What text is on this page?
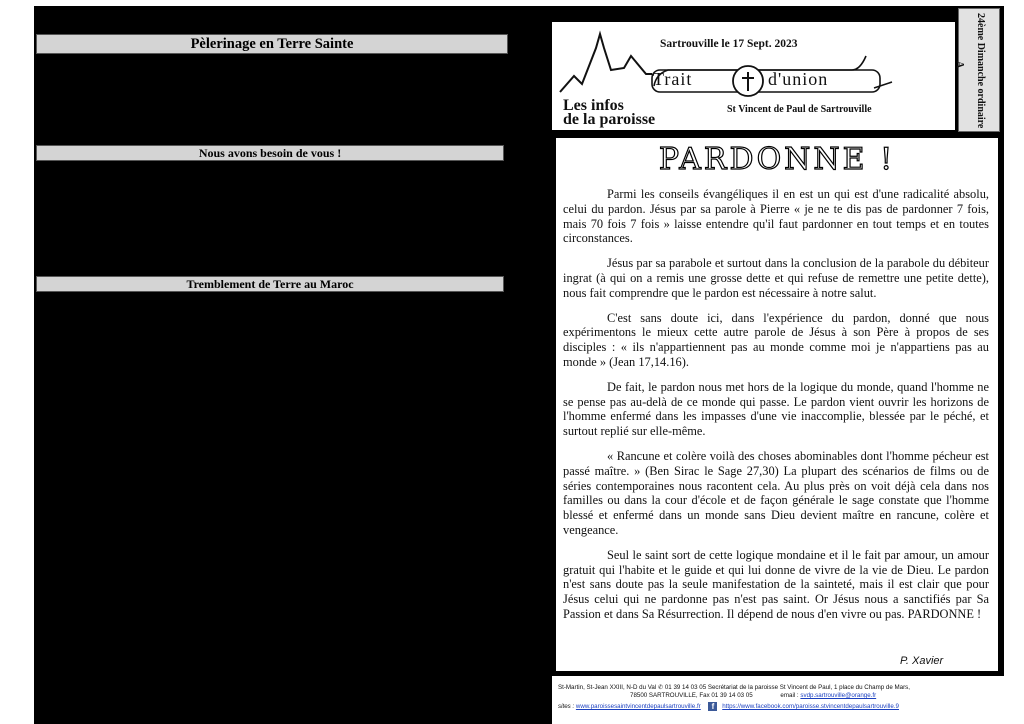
Pèlerinage en Terre Sainte
Nous avons besoin de vous !
Tremblement de Terre au Maroc
Sartrouville le 17 Sept. 2023
Trait	d'union
Les infos
de la paroisse
St Vincent de Paul de Sartrouville	24ème Dimanche ordinaire
A
PARDONNE !

Parmi les conseils évangéliques il en est un qui est d'une radicalité absolu, celui du pardon. Jésus par sa parole à Pierre « je ne te dis pas de pardonner 7 fois, mais 70 fois 7 fois » laisse entendre qu'il faut pardonner en tout temps et en toutes circonstances.

Jésus par sa parabole et surtout dans la conclusion de la parabole du débiteur ingrat (à qui on a remis une grosse dette et qui refuse de remettre une petite dette), nous fait comprendre que le pardon est nécessaire à notre salut.

C'est sans doute ici, dans l'expérience du pardon, donné que nous expérimentons le mieux cette autre parole de Jésus à son Père à propos de ses disciples : « ils n'appartiennent pas au monde comme moi je n'appartiens pas au monde » (Jean 17,14.16).

De fait, le pardon nous met hors de la logique du monde, quand l'homme ne se pense pas au-delà de ce monde qui passe. Le pardon vient ouvrir les horizons de l'homme enfermé dans les impasses d'une vie inaccomplie, blessée par le péché, et surtout replié sur elle-même.

« Rancune et colère voilà des choses abominables dont l'homme pécheur est passé maître. » (Ben Sirac le Sage 27,30) La plupart des scénarios de films ou de séries contemporaines nous racontent cela. Au plus près on voit déjà cela dans nos familles ou dans la cour d'école et de façon générale le sage constate que l'homme blessé et enfermé dans un monde sans Dieu devient maître en rancune, colère et vengeance.

Seul le saint sort de cette logique mondaine et il le fait par amour, un amour gratuit qui l'habite et le guide et qui lui donne de vivre de la vie de Dieu. Le pardon n'est sans doute pas la seule manifestation de la sainteté, mais il est clair que pour Jésus celui qui ne pardonne pas n'est pas saint. Or Jésus nous a sanctifiés par Sa Passion et dans Sa Résurrection. Il dépend de nous d'en vivre ou pas. PARDONNE !

P. Xavier
St-Martin, St-Jean XXIII, N-D du Val ✆ 01 39 14 03 05 Secrétariat de la paroisse St Vincent de Paul, 1 place du Champ de Mars,
78500 SARTROUVILLE, Fax 01 39 14 03 05	email : svdp.sartrouville@orange.fr
sites : www.paroissesaintvincentdepaulsartrouville.fr f https://www.facebook.com/paroisse.stvincentdepaulsartrouville.9
